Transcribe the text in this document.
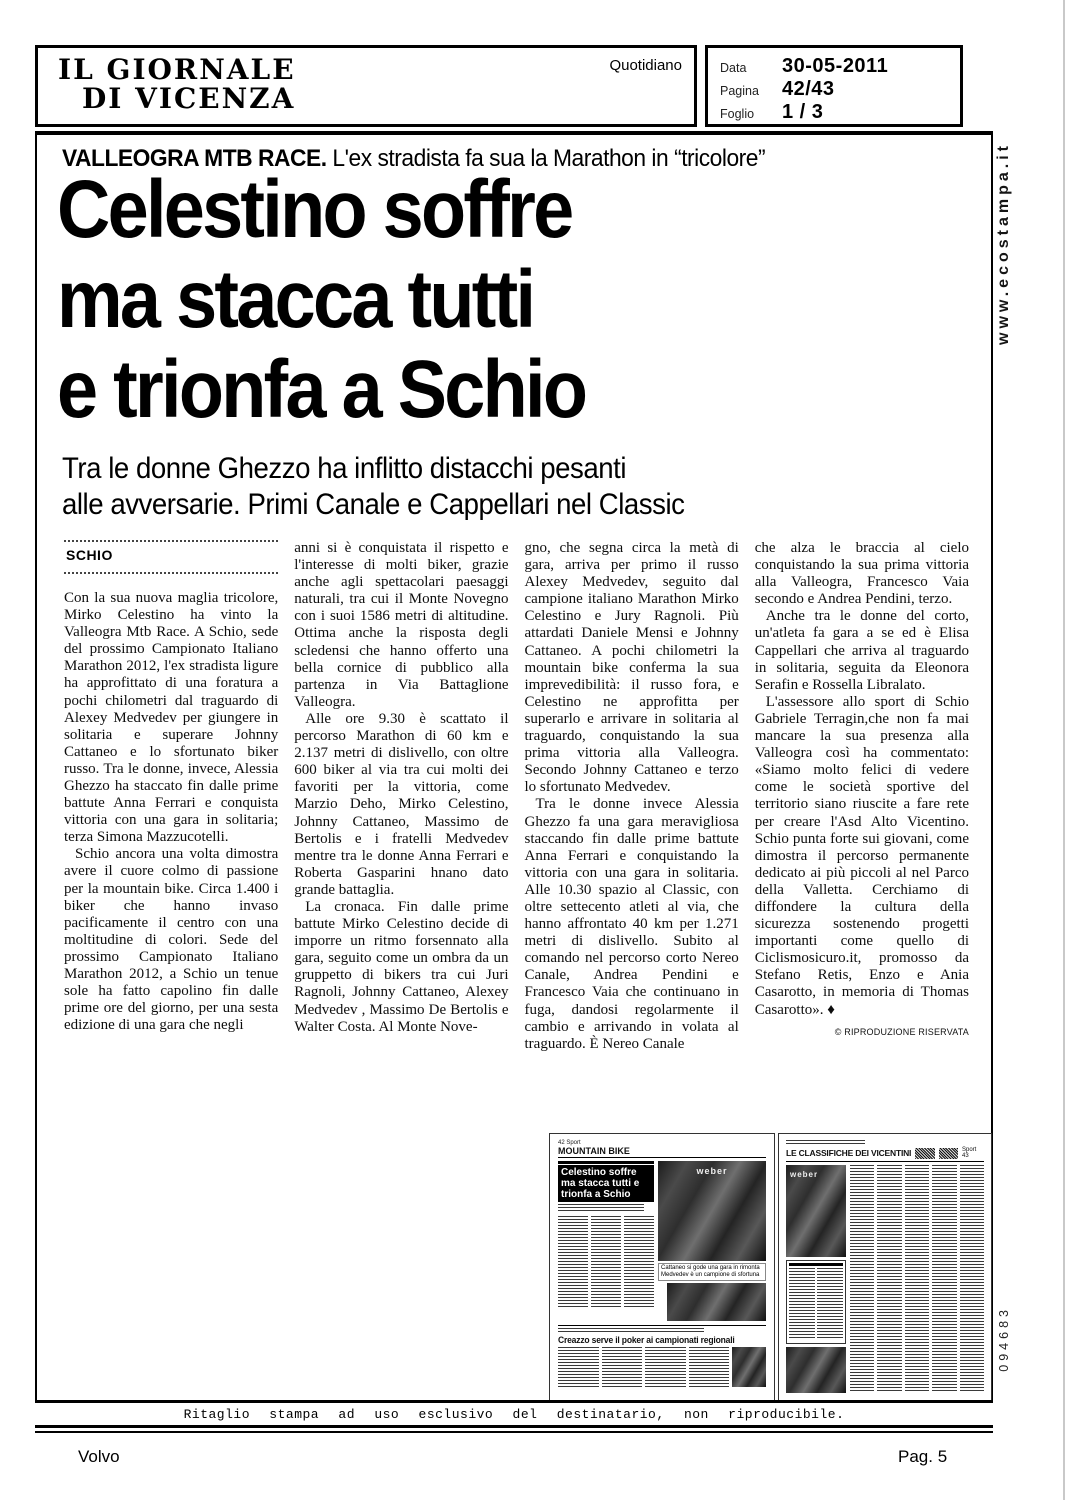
IL GIORNALE
DI VICENZA
Quotidiano	Data	30-05-2011
Pagina	42/43
Foglio	1 / 3
VALLEOGRA MTB RACE. L'ex stradista fa sua la Marathon in “tricolore”
Celestino soffre
ma stacca tutti
e trionfa a Schio
Tra le donne Ghezzo ha inflitto distacchi pesanti
alle avversarie. Primi Canale e Cappellari nel Classic
SCHIO

Con la sua nuova maglia tricolore, Mirko Celestino ha vinto la Valleogra Mtb Race. A Schio, sede del prossimo Campionato Italiano Marathon 2012, l'ex stradista ligure ha approfittato di una foratura a pochi chilometri dal traguardo di Alexey Medvedev per giungere in solitaria e superare Johnny Cattaneo e lo sfortunato biker russo. Tra le donne, invece, Alessia Ghezzo ha staccato fin dalle prime battute Anna Ferrari e conquista vittoria con una gara in solitaria; terza Simona Mazzucotelli.

Schio ancora una volta dimostra avere il cuore colmo di passione per la mountain bike. Circa 1.400 i biker che hanno invaso pacificamente il centro con una moltitudine di colori. Sede del prossimo Campionato Italiano Marathon 2012, a Schio un tenue sole ha fatto capolino fin dalle prime ore del giorno, per una sesta edizione di una gara che negli

anni si è conquistata il rispetto e l'interesse di molti biker, grazie anche agli spettacolari paesaggi naturali, tra cui il Monte Novegno con i suoi 1586 metri di altitudine. Ottima anche la risposta degli scledensi che hanno offerto una bella cornice di pubblico alla partenza in Via Battaglione Valleogra.

Alle ore 9.30 è scattato il percorso Marathon di 60 km e 2.137 metri di dislivello, con oltre 600 biker al via tra cui molti dei favoriti per la vittoria, come Marzio Deho, Mirko Celestino, Johnny Cattaneo, Massimo de Bertolis e i fratelli Medvedev mentre tra le donne Anna Ferrari e Roberta Gasparini hnano dato grande battaglia.

La cronaca. Fin dalle prime battute Mirko Celestino decide di imporre un ritmo forsennato alla gara, seguito come un ombra da un gruppetto di bikers tra cui Juri Ragnoli, Johnny Cattaneo, Alexey Medvedev , Massimo De Bertolis e Walter Costa. Al Monte Nove-

gno, che segna circa la metà di gara, arriva per primo il russo Alexey Medvedev, seguito dal campione italiano Marathon Mirko Celestino e Jury Ragnoli. Più attardati Daniele Mensi e Johnny Cattaneo. A pochi chilometri la mountain bike conferma la sua imprevedibilità: il russo fora, e Celestino ne approfitta per superarlo e arrivare in solitaria al traguardo, conquistando la sua prima vittoria alla Valleogra. Secondo Johnny Cattaneo e terzo lo sfortunato Medvedev.

Tra le donne invece Alessia Ghezzo fa una gara meravigliosa staccando fin dalle prime battute Anna Ferrari e conquistando la vittoria con una gara in solitaria. Alle 10.30 spazio al Classic, con oltre settecento atleti al via, che hanno affrontato 40 km per 1.271 metri di dislivello. Subito al comando nel percorso corto Nereo Canale, Andrea Pendini e Francesco Vaia che continuano in fuga, dandosi regolarmente il cambio e arrivando in volata al traguardo. È Nereo Canale

che alza le braccia al cielo conquistando la sua prima vittoria alla Valleogra, Francesco Vaia secondo e Andrea Pendini, terzo.

Anche tra le donne del corto, un'atleta fa gara a se ed è Elisa Cappellari che arriva al traguardo in solitaria, seguita da Eleonora Serafin e Rossella Libralato.

L'assessore allo sport di Schio Gabriele Terragin,che non fa mai mancare la sua presenza alla Valleogra così ha commentato: «Siamo molto felici di vedere come le società sportive del territorio siano riuscite a fare rete per creare l'Asd Alto Vicentino. Schio punta forte sui giovani, come dimostra il percorso permanente dedicato ai più piccoli al nel Parco della Valletta. Cerchiamo di diffondere la cultura della sicurezza sostenendo progetti importanti come quello di Ciclismosicuro.it, promosso da Stefano Retis, Enzo e Ania Casarotto, in memoria di Thomas Casarotto». ♦

© RIPRODUZIONE RISERVATA
42 Sport
MOUNTAIN BIKE
Celestino soffre ma stacca tutti e trionfa a Schio
weber
Cattaneo si gode una gara in rimonta Medvedev è un campione di sfortuna
Creazzo serve il poker ai campionati regionali
LE CLASSIFICHE DEI VICENTINI	Sport 43
weber
Ritaglio stampa ad uso esclusivo del destinatario, non riproducibile.
Volvo	Pag. 5
www.ecostampa.it
094683
